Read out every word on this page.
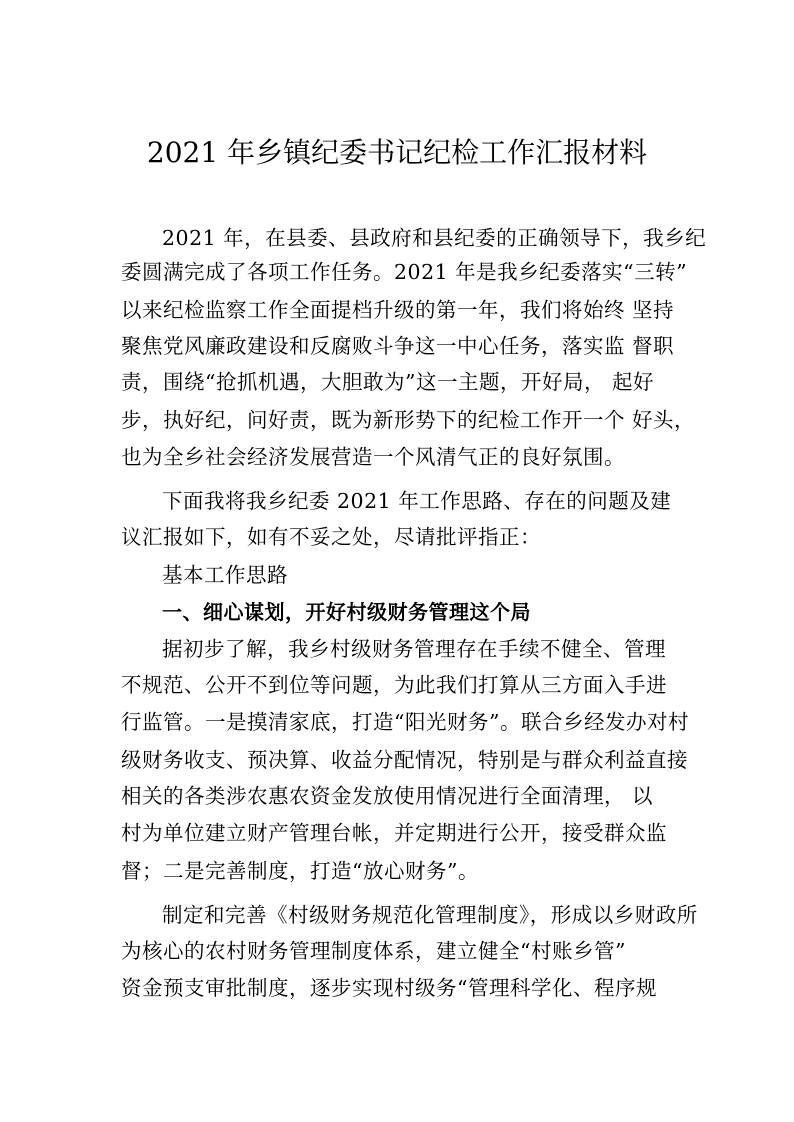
2021 年乡镇纪委书记纪检工作汇报材料
2021 年，在县委、县政府和县纪委的正确领导下，我乡纪
委圆满完成了各项工作任务。2021 年是我乡纪委落实“三转”
以来纪检监察工作全面提档升级的第一年，我们将始终 坚持
聚焦党风廉政建设和反腐败斗争这一中心任务，落实监 督职
责，围绕“抢抓机遇，大胆敢为”这一主题，开好局， 起好
步，执好纪，问好责，既为新形势下的纪检工作开一个 好头，
也为全乡社会经济发展营造一个风清气正的良好氛围。
下面我将我乡纪委 2021 年工作思路、存在的问题及建
议汇报如下，如有不妥之处，尽请批评指正：
基本工作思路
一、细心谋划，开好村级财务管理这个局
据初步了解，我乡村级财务管理存在手续不健全、管理
不规范、公开不到位等问题，为此我们打算从三方面入手进
行监管。一是摸清家底，打造“阳光财务”。联合乡经发办对村
级财务收支、预决算、收益分配情况，特别是与群众利益直接
相关的各类涉农惠农资金发放使用情况进行全面清理， 以
村为单位建立财产管理台帐，并定期进行公开，接受群众监
督；二是完善制度，打造“放心财务”。
制定和完善《村级财务规范化管理制度》，形成以乡财政所
为核心的农村财务管理制度体系，建立健全“村账乡管”
资金预支审批制度，逐步实现村级务“管理科学化、程序规
